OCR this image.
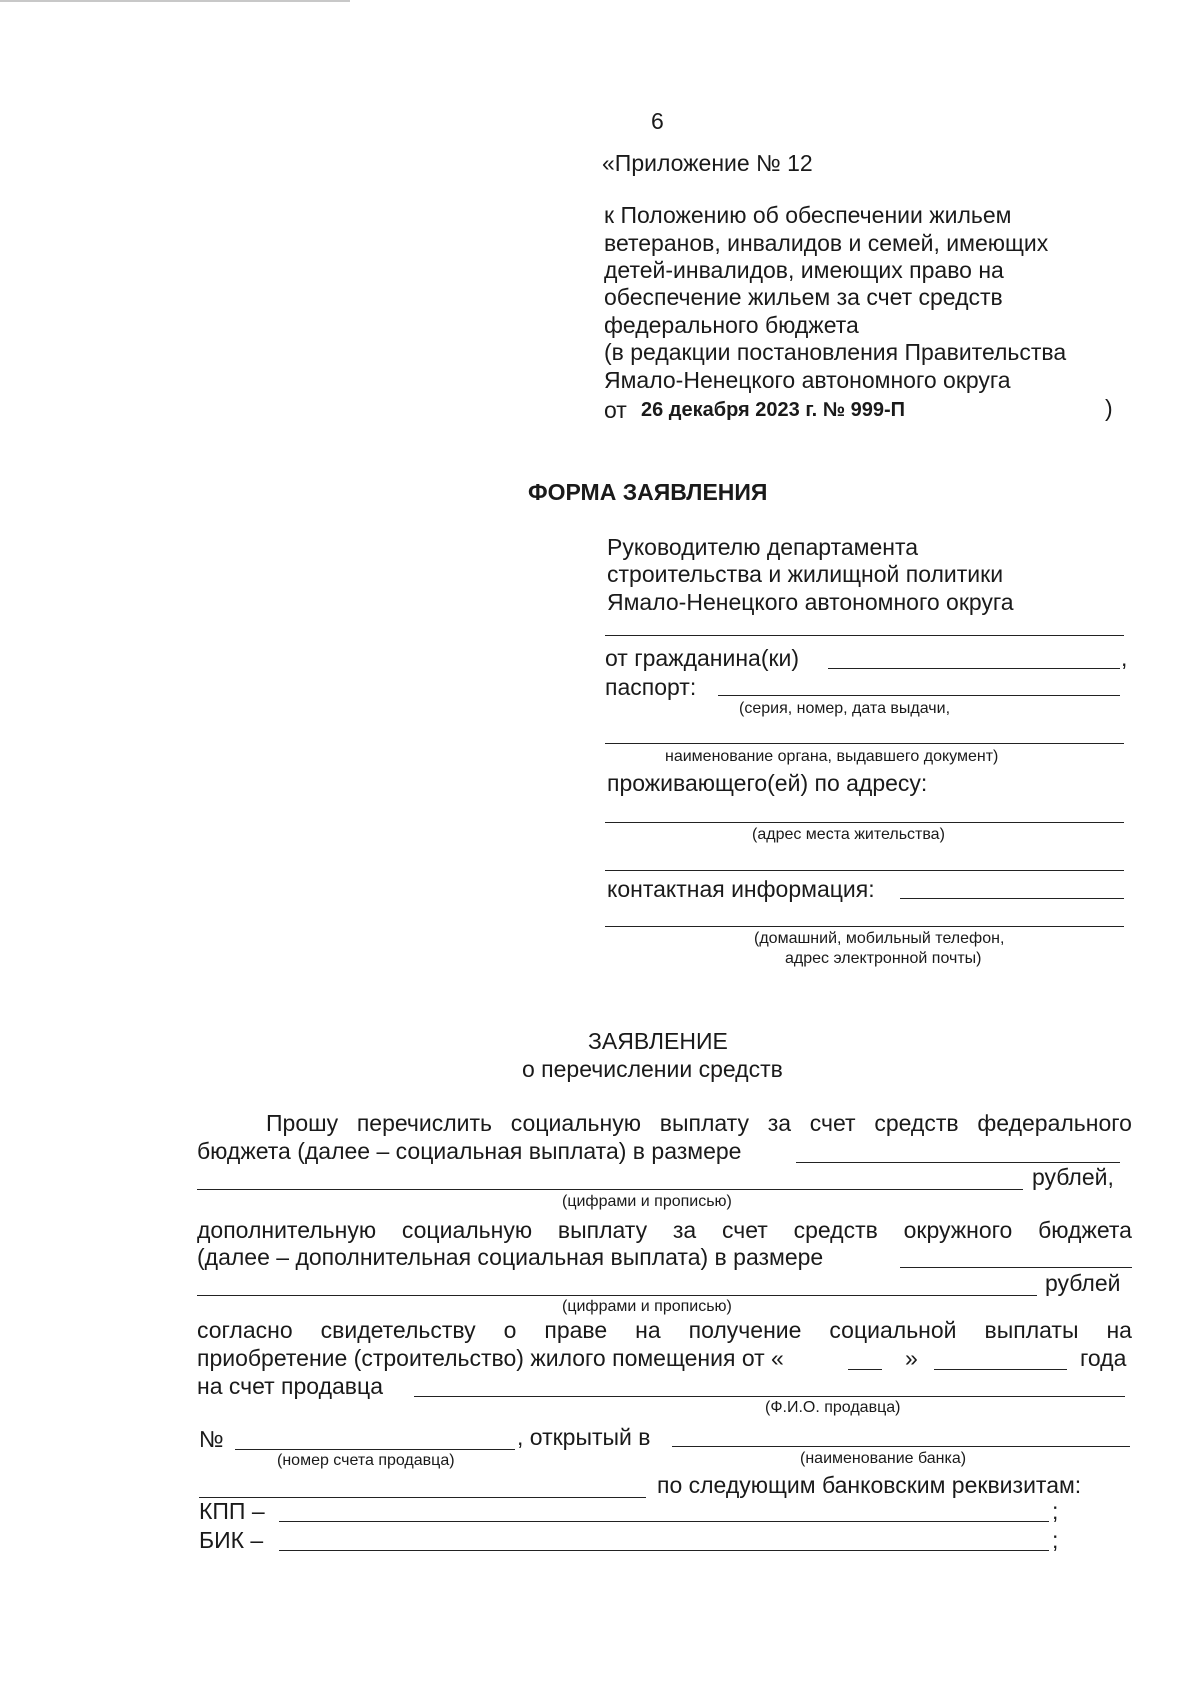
6
«Приложение № 12
к Положению об обеспечении жильем
ветеранов, инвалидов и семей, имеющих
детей-инвалидов, имеющих право на
обеспечение жильем за счет средств
федерального бюджета
(в редакции постановления Правительства
Ямало-Ненецкого автономного округа
от 26 декабря 2023 г. № 999-П	)
ФОРМА ЗАЯВЛЕНИЯ
Руководителю департамента
строительства и жилищной политики
Ямало-Ненецкого автономного округа
от гражданина(ки)	,
паспорт:
(серия, номер, дата выдачи,
наименование органа, выдавшего документ)
проживающего(ей) по адресу:
(адрес места жительства)
контактная информация:
(домашний, мобильный телефон,
адрес электронной почты)
ЗАЯВЛЕНИЕ
о перечислении средств
Прошу перечислить социальную выплату за счет средств федерального
бюджета (далее – социальная выплата) в размере
рублей,
(цифрами и прописью)
дополнительную социальную выплату за счет средств окружного бюджета
(далее – дополнительная социальная выплата) в размере
рублей
(цифрами и прописью)
согласно свидетельству о праве на получение социальной выплаты на
приобретение (строительство) жилого помещения от «	»	года
на счет продавца
(Ф.И.О. продавца)
№	, открытый в
(номер счета продавца)	(наименование банка)
по следующим банковским реквизитам:
КПП –	;
БИК –	;
